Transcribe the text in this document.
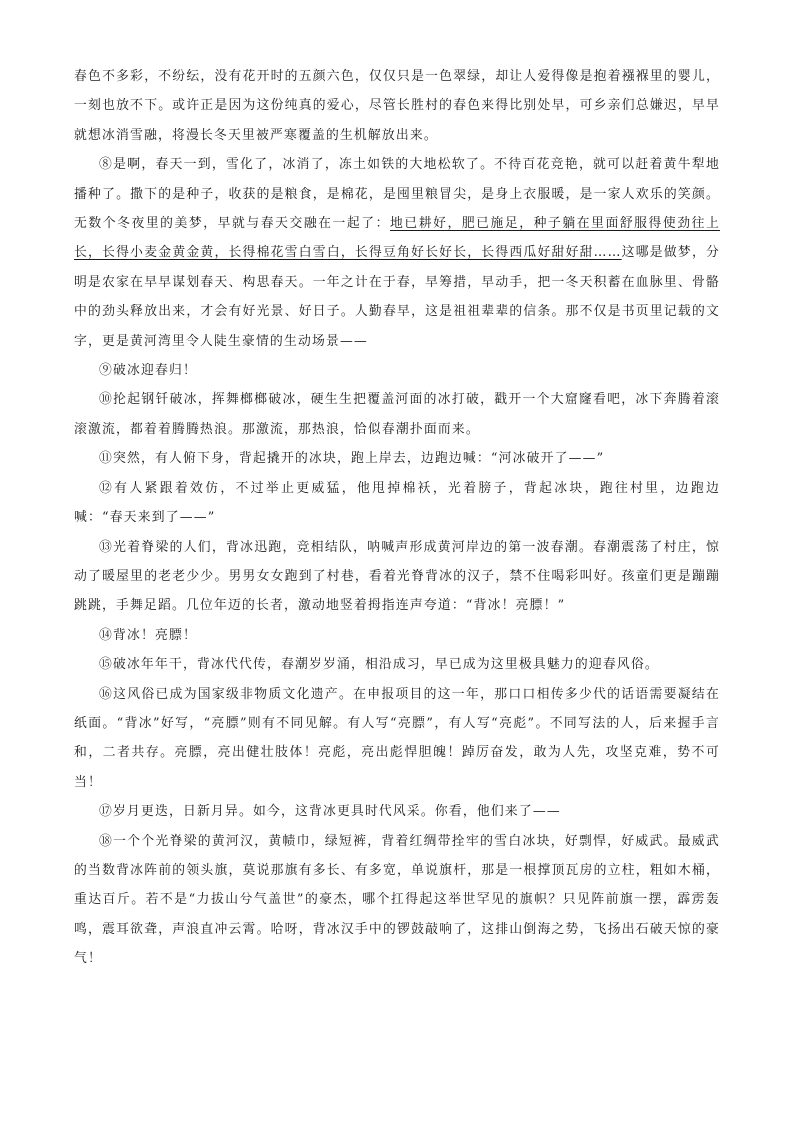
春色不多彩，不纷纭，没有花开时的五颜六色，仅仅只是一色翠绿，却让人爱得像是抱着襁褓里的婴儿，一刻也放不下。或许正是因为这份纯真的爱心，尽管长胜村的春色来得比别处早，可乡亲们总嫌迟，早早就想冰消雪融，将漫长冬天里被严寒覆盖的生机解放出来。

⑧是啊，春天一到，雪化了，冰消了，冻土如铁的大地松软了。不待百花竞艳，就可以赶着黄牛犁地播种了。撒下的是种子，收获的是粮食，是棉花，是囤里粮冒尖，是身上衣服暖，是一家人欢乐的笑颜。无数个冬夜里的美梦，早就与春天交融在一起了：地已耕好，肥已施足，种子躺在里面舒服得使劲往上长，长得小麦金黄金黄，长得棉花雪白雪白，长得豆角好长好长，长得西瓜好甜好甜……这哪是做梦，分明是农家在早早谋划春天、构思春天。一年之计在于春，早筹措，早动手，把一冬天积蓄在血脉里、骨骼中的劲头释放出来，才会有好光景、好日子。人勤春早，这是祖祖辈辈的信条。那不仅是书页里记载的文字，更是黄河湾里令人陡生豪情的生动场景——

⑨破冰迎春归！

⑩抡起钢钎破冰，挥舞榔榔破冰，硬生生把覆盖河面的冰打破，戳开一个大窟窿看吧，冰下奔腾着滚滚激流，都着着腾腾热浪。那激流，那热浪，恰似春潮扑面而来。

⑪突然，有人俯下身，背起撬开的冰块，跑上岸去，边跑边喊：“河冰破开了——”

⑫有人紧跟着效仿，不过举止更威猛，他甩掉棉袄，光着膀子，背起冰块，跑往村里，边跑边喊：“春天来到了——”

⑬光着脊梁的人们，背冰迅跑，竞相结队，呐喊声形成黄河岸边的第一波春潮。春潮震荡了村庄，惊动了暖屋里的老老少少。男男女女跑到了村巷，看着光脊背冰的汉子，禁不住喝彩叫好。孩童们更是蹦蹦跳跳，手舞足蹈。几位年迈的长者，激动地竖着拇指连声夸道：“背冰！亮膘！”

⑭背冰！亮膘！

⑮破冰年年干，背冰代代传，春潮岁岁涌，相沿成习，早已成为这里极具魅力的迎春风俗。

⑯这风俗已成为国家级非物质文化遗产。在申报项目的这一年，那口口相传多少代的话语需要凝结在纸面。“背冰”好写，“亮膘”则有不同见解。有人写“亮膘”，有人写“亮彪”。不同写法的人，后来握手言和，二者共存。亮膘，亮出健壮肢体！亮彪，亮出彪悍胆魄！踔厉奋发，敢为人先，攻坚克难，势不可当！

⑰岁月更迭，日新月异。如今，这背冰更具时代风采。你看，他们来了——

⑱一个个光脊梁的黄河汉，黄帻巾，绿短裤，背着红绸带拴牢的雪白冰块，好剽悍，好威武。最威武的当数背冰阵前的领头旗，莫说那旗有多长、有多宽，单说旗杆，那是一根撑顶瓦房的立柱，粗如木桶，重达百斤。若不是“力拔山兮气盖世”的豪杰，哪个扛得起这举世罕见的旗帜？只见阵前旗一摆，霹雳轰鸣，震耳欲聋，声浪直冲云霄。哈呀，背冰汉手中的锣鼓敲响了，这排山倒海之势，飞扬出石破天惊的豪气！
